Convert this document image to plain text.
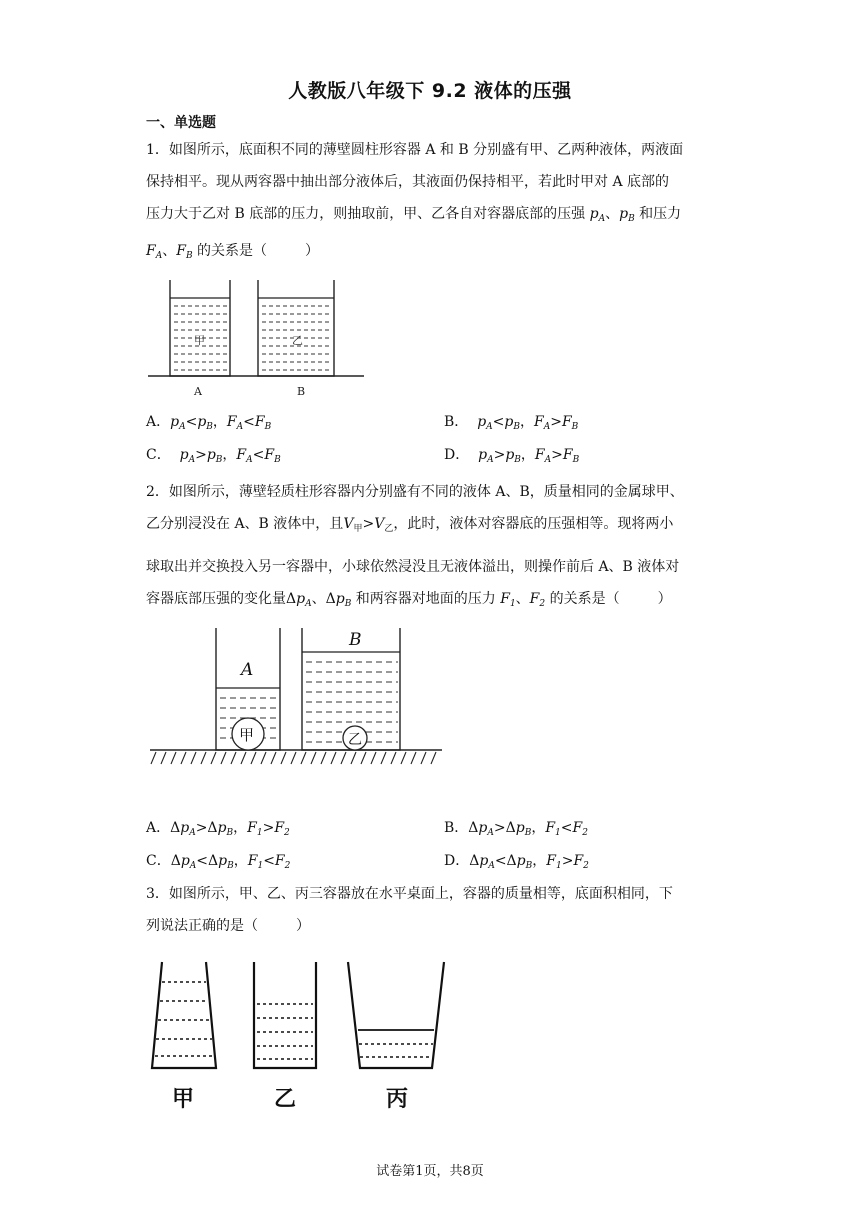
人教版八年级下 9.2 液体的压强
一、单选题
1．如图所示，底面积不同的薄壁圆柱形容器 A 和 B 分别盛有甲、乙两种液体，两液面
保持相平。现从两容器中抽出部分液体后，其液面仍保持相平，若此时甲对 A 底部的
压力大于乙对 B 底部的压力，则抽取前，甲、乙各自对容器底部的压强 $p_A$、$p_B$ 和压力
$F_A$、$F_B$ 的关系是（	）
甲	乙
A	B
A．$p_A<p_B$，$F_A<F_B$	B．  $p_A<p_B$，$F_A>F_B$
C．  $p_A>p_B$，$F_A<F_B$	D．  $p_A>p_B$，$F_A>F_B$
2．如图所示，薄壁轻质柱形容器内分别盛有不同的液体 A、B，质量相同的金属球甲、
乙分别浸没在 A、B 液体中，且$V_甲>V_乙$，此时，液体对容器底的压强相等。现将两小
球取出并交换投入另一容器中，小球依然浸没且无液体溢出，则操作前后 A、B 液体对
容器底部压强的变化量$\Delta p_A$、$\Delta p_B$ 和两容器对地面的压力 $F_1$、$F_2$ 的关系是（	）
A
B
甲	乙
A．$\Delta p_A>\Delta p_B$，$F_1>F_2$	B．$\Delta p_A>\Delta p_B$，$F_1<F_2$
C．$\Delta p_A<\Delta p_B$，$F_1<F_2$	D．$\Delta p_A<\Delta p_B$，$F_1>F_2$
3．如图所示，甲、乙、丙三容器放在水平桌面上，容器的质量相等，底面积相同，下
列说法正确的是（	）
甲	乙	丙
试卷第1页，共8页
